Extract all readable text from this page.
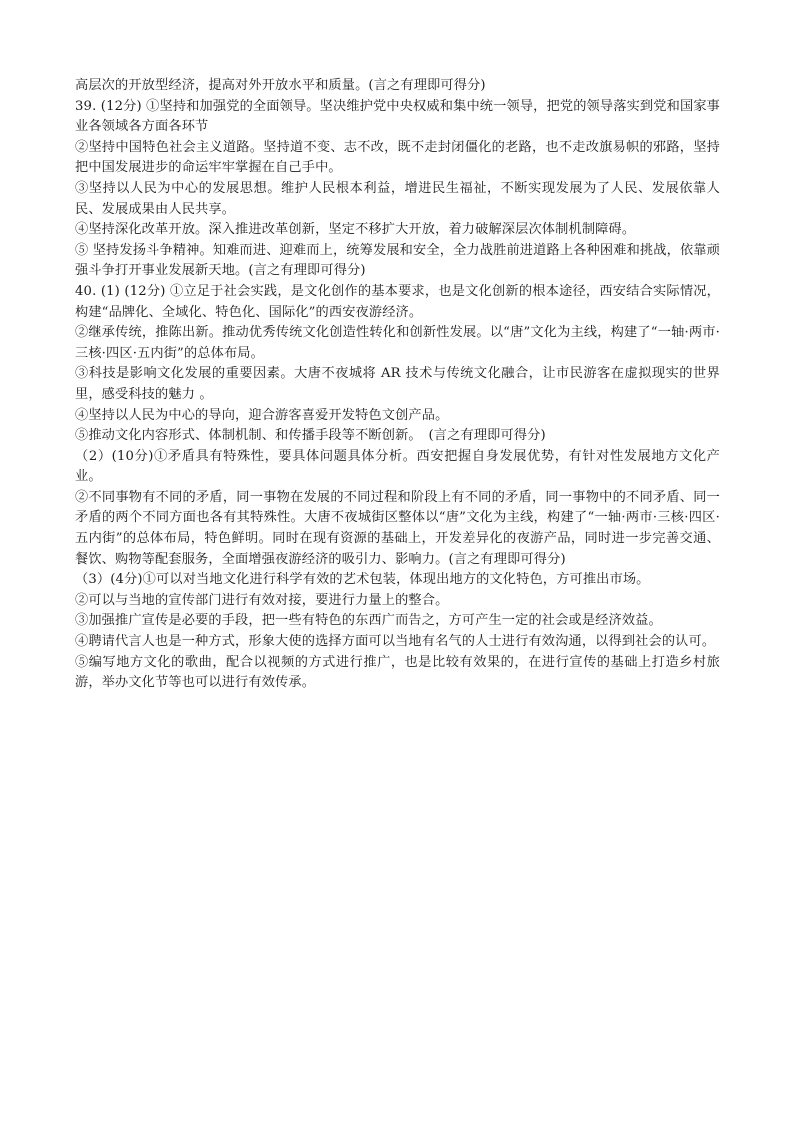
高层次的开放型经济，提高对外开放水平和质量。(言之有理即可得分)

39. (12分) ①坚持和加强党的全面领导。坚决维护党中央权威和集中统一领导，把党的领导落实到党和国家事业各领域各方面各环节

②坚持中国特色社会主义道路。坚持道不变、志不改，既不走封闭僵化的老路，也不走改旗易帜的邪路，坚持把中国发展进步的命运牢牢掌握在自己手中。

③坚持以人民为中心的发展思想。维护人民根本利益，增进民生福祉，不断实现发展为了人民、发展依靠人民、发展成果由人民共享。

④坚持深化改革开放。深入推进改革创新，坚定不移扩大开放，着力破解深层次体制机制障碍。

⑤ 坚持发扬斗争精神。知难而进、迎难而上，统筹发展和安全，全力战胜前进道路上各种困难和挑战，依靠顽强斗争打开事业发展新天地。(言之有理即可得分)

40. (1) (12分) ①立足于社会实践，是文化创作的基本要求，也是文化创新的根本途径，西安结合实际情况，构建“品牌化、全域化、特色化、国际化”的西安夜游经济。

②继承传统，推陈出新。推动优秀传统文化创造性转化和创新性发展。以“唐”文化为主线，构建了“一轴·两市·三核·四区·五内街”的总体布局。

③科技是影响文化发展的重要因素。大唐不夜城将 AR 技术与传统文化融合，让市民游客在虚拟现实的世界里，感受科技的魅力 。

④坚持以人民为中心的导向，迎合游客喜爱开发特色文创产品。

⑤推动文化内容形式、体制机制、和传播手段等不断创新。　(言之有理即可得分)

（2）(10分)①矛盾具有特殊性，要具体问题具体分析。西安把握自身发展优势，有针对性发展地方文化产业。

②不同事物有不同的矛盾，同一事物在发展的不同过程和阶段上有不同的矛盾，同一事物中的不同矛盾、同一矛盾的两个不同方面也各有其特殊性。大唐不夜城街区整体以“唐”文化为主线，构建了“一轴·两市·三核·四区·五内街”的总体布局，特色鲜明。同时在现有资源的基础上，开发差异化的夜游产品，同时进一步完善交通、餐饮、购物等配套服务，全面增强夜游经济的吸引力、影响力。(言之有理即可得分)

（3）(4分)①可以对当地文化进行科学有效的艺术包装，体现出地方的文化特色，方可推出市场。

②可以与当地的宣传部门进行有效对接，要进行力量上的整合。

③加强推广宣传是必要的手段，把一些有特色的东西广而告之，方可产生一定的社会或是经济效益。

④聘请代言人也是一种方式，形象大使的选择方面可以当地有名气的人士进行有效沟通，以得到社会的认可。

⑤编写地方文化的歌曲，配合以视频的方式进行推广，也是比较有效果的，在进行宣传的基础上打造乡村旅游，举办文化节等也可以进行有效传承。
